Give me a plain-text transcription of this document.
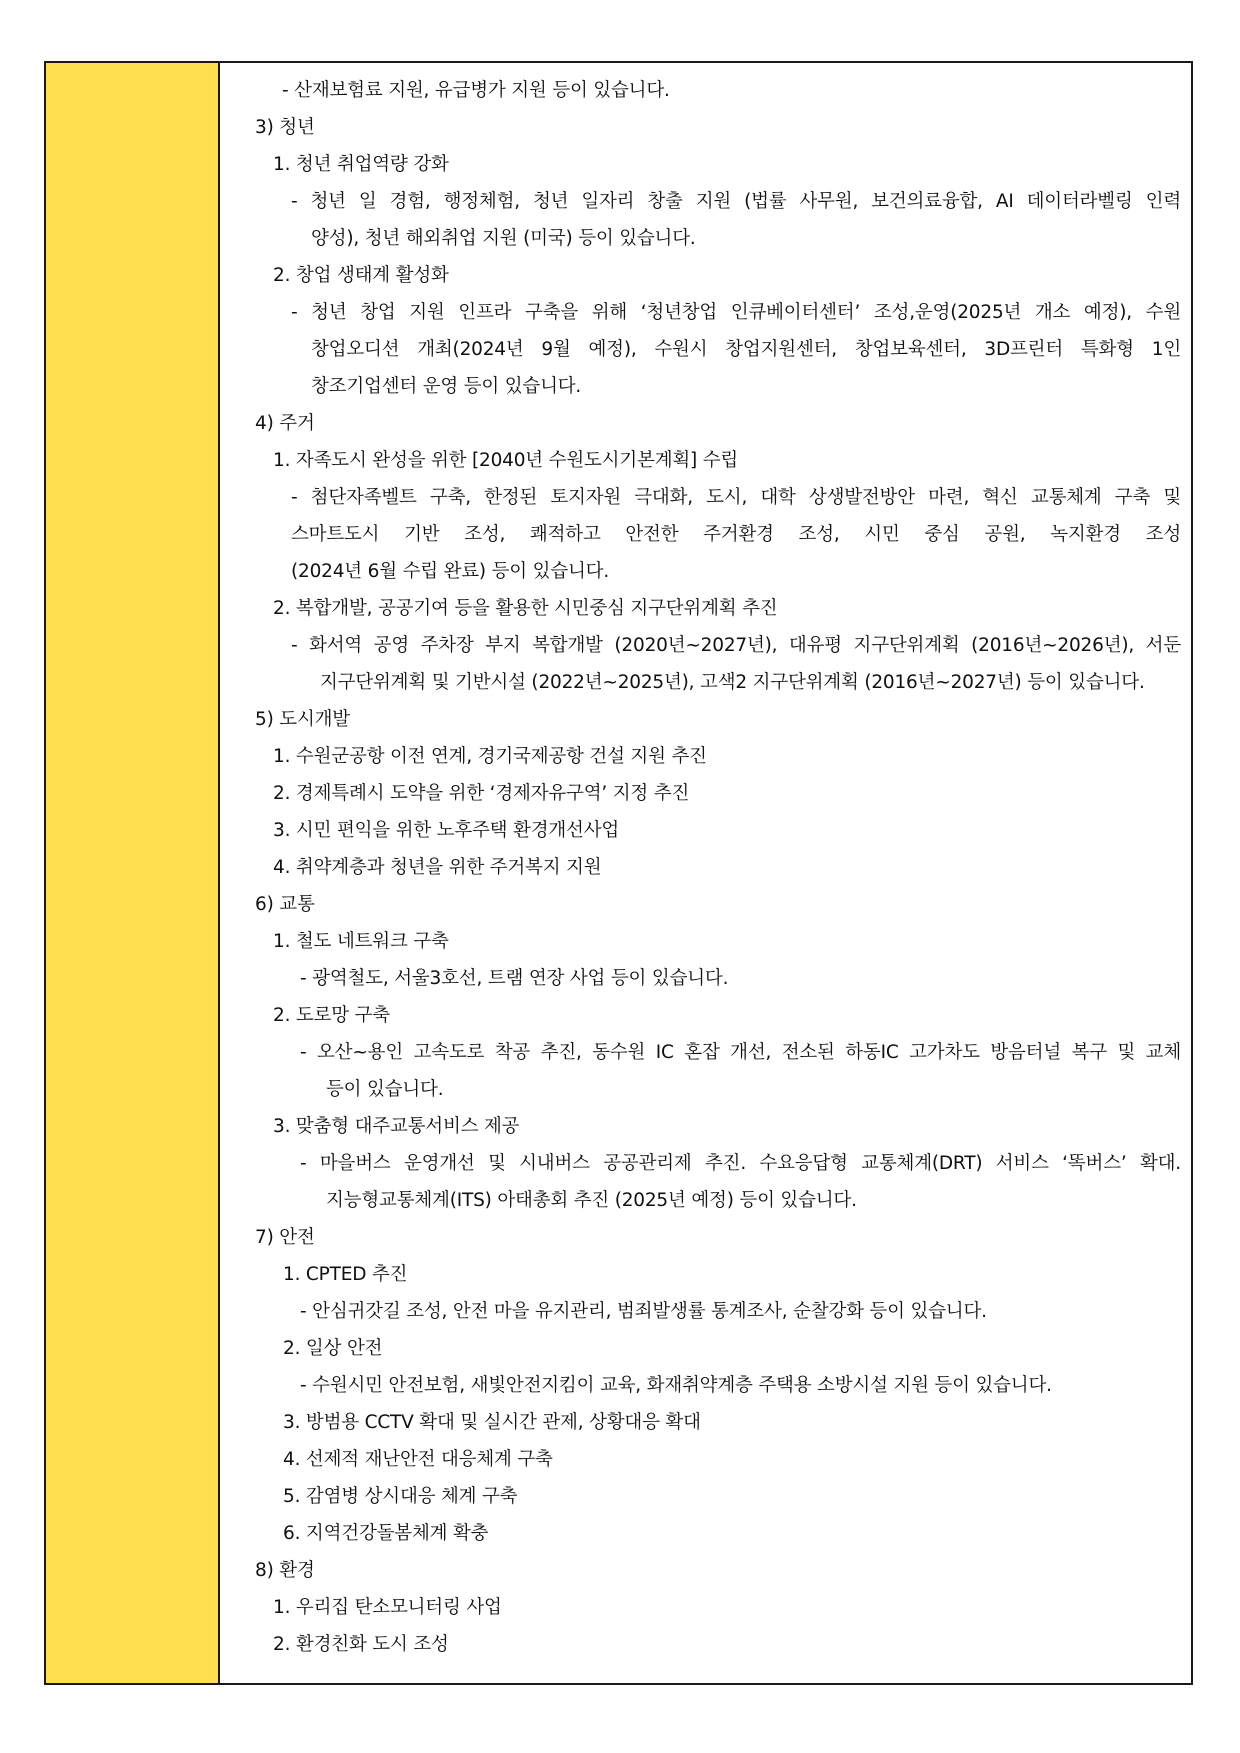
- 산재보험료 지원, 유급병가 지원 등이 있습니다.
3) 청년
1. 청년 취업역량 강화
- 청년 일 경험, 행정체험, 청년 일자리 창출 지원 (법률 사무원, 보건의료융합, AI 데이터라벨링 인력
양성), 청년 해외취업 지원 (미국) 등이 있습니다.
2. 창업 생태계 활성화
- 청년 창업 지원 인프라 구축을 위해 ‘청년창업 인큐베이터센터’ 조성,운영(2025년 개소 예정), 수원
창업오디션 개최(2024년 9월 예정), 수원시 창업지원센터, 창업보육센터, 3D프린터 특화형 1인
창조기업센터 운영 등이 있습니다.
4) 주거
1. 자족도시 완성을 위한 [2040년 수원도시기본계획] 수립
- 첨단자족벨트 구축, 한정된 토지자원 극대화, 도시, 대학 상생발전방안 마련, 혁신 교통체계 구축 및
스마트도시 기반 조성, 쾌적하고 안전한 주거환경 조성, 시민 중심 공원, 녹지환경 조성
(2024년 6월 수립 완료) 등이 있습니다.
2. 복합개발, 공공기여 등을 활용한 시민중심 지구단위계획 추진
- 화서역 공영 주차장 부지 복합개발 (2020년~2027년), 대유평 지구단위계획 (2016년~2026년), 서둔
지구단위계획 및 기반시설 (2022년~2025년), 고색2 지구단위계획 (2016년~2027년) 등이 있습니다.
5) 도시개발
1. 수원군공항 이전 연계, 경기국제공항 건설 지원 추진
2. 경제특례시 도약을 위한 ‘경제자유구역’ 지정 추진
3. 시민 편익을 위한 노후주택 환경개선사업
4. 취약계층과 청년을 위한 주거복지 지원
6) 교통
1. 철도 네트워크 구축
- 광역철도, 서울3호선, 트램 연장 사업 등이 있습니다.
2. 도로망 구축
- 오산~용인 고속도로 착공 추진, 동수원 IC 혼잡 개선, 전소된 하동IC 고가차도 방음터널 복구 및 교체
등이 있습니다.
3. 맞춤형 대주교통서비스 제공
- 마을버스 운영개선 및 시내버스 공공관리제 추진. 수요응답형 교통체계(DRT) 서비스 ‘똑버스’ 확대.
지능형교통체계(ITS) 아태총회 추진 (2025년 예정) 등이 있습니다.
7) 안전
1. CPTED 추진
- 안심귀갓길 조성, 안전 마을 유지관리, 범죄발생률 통계조사, 순찰강화 등이 있습니다.
2. 일상 안전
- 수원시민 안전보험, 새빛안전지킴이 교육, 화재취약계층 주택용 소방시설 지원 등이 있습니다.
3. 방범용 CCTV 확대 및 실시간 관제, 상황대응 확대
4. 선제적 재난안전 대응체계 구축
5. 감염병 상시대응 체계 구축
6. 지역건강돌봄체계 확충
8) 환경
1. 우리집 탄소모니터링 사업
2. 환경친화 도시 조성
